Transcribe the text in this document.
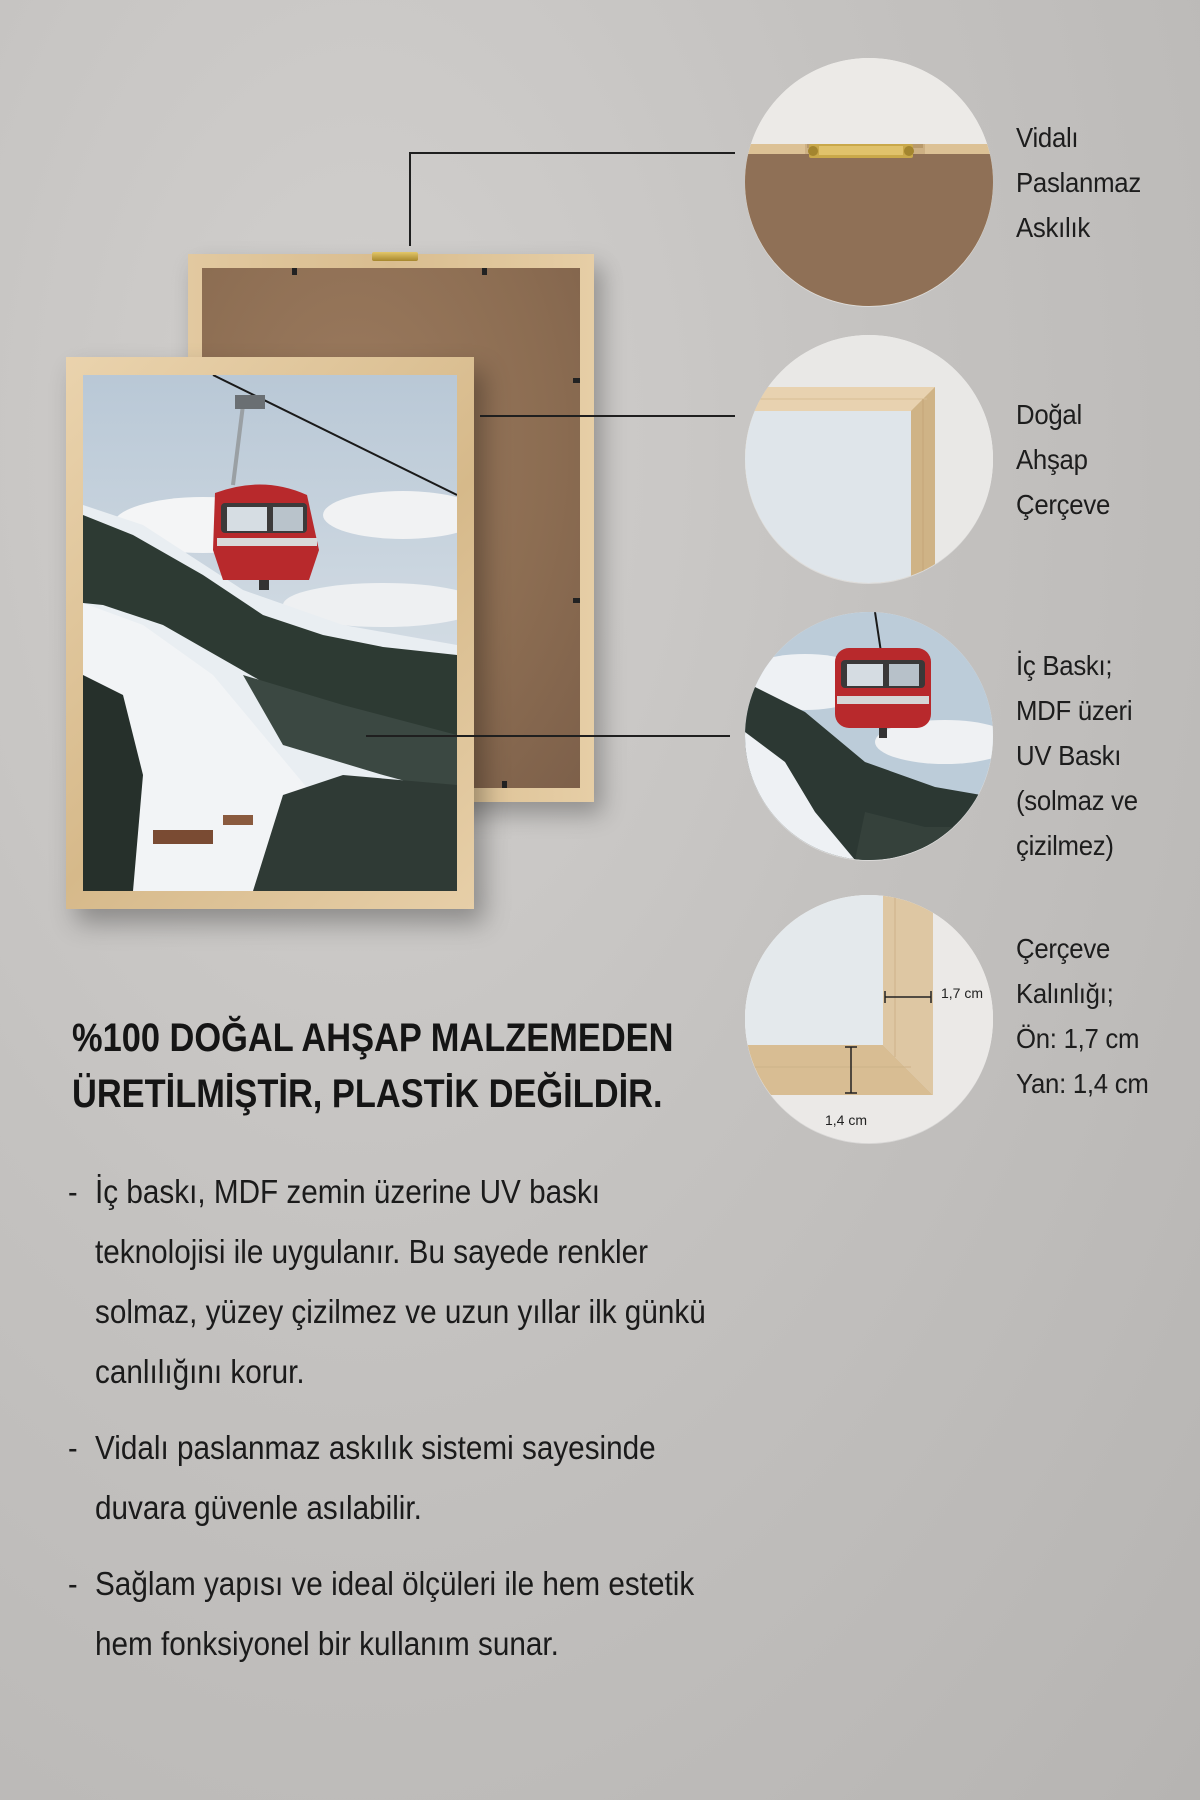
1,7 cm
1,4 cm
Vidalı
Paslanmaz
Askılık
Doğal
Ahşap
Çerçeve
İç Baskı;
MDF üzeri
UV Baskı
(solmaz ve
çizilmez)
Çerçeve
Kalınlığı;
Ön: 1,7 cm
Yan: 1,4 cm
%100 DOĞAL AHŞAP MALZEMEDEN
ÜRETİLMİŞTİR, PLASTİK DEĞİLDİR.
- İç baskı, MDF zemin üzerine UV baskı teknolojisi ile uygulanır. Bu sayede renkler solmaz, yüzey çizilmez ve uzun yıllar ilk günkü canlılığını korur.
- Vidalı paslanmaz askılık sistemi sayesinde duvara güvenle asılabilir.
- Sağlam yapısı ve ideal ölçüleri ile hem estetik hem fonksiyonel bir kullanım sunar.
